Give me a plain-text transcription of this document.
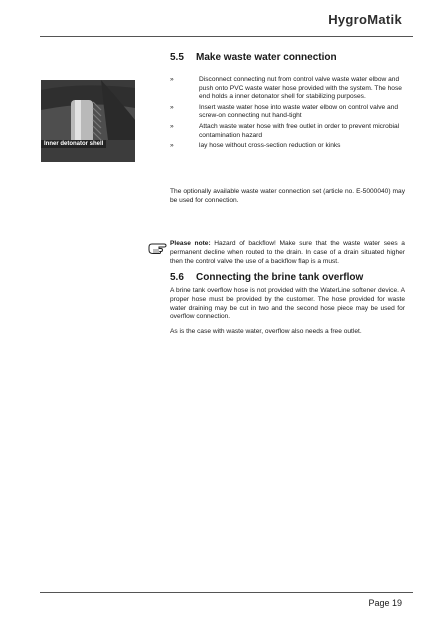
HygroMatik
Inner detonator shell
5.5 Make waste water connection
»	Disconnect connecting nut from control valve waste water elbow and push onto PVC waste water hose provided with the system. The hose end holds a inner detonator shell for stabilizing purposes.
»	Insert waste water hose into waste water elbow on control valve and screw-on connecting nut hand-tight
»	Attach waste water hose with free outlet in order to prevent microbial contamination hazard
»	lay hose without cross-section reduction or kinks

The optionally available waste water connection set (article no. E-5000040) may be used for connection.

Please note: Hazard of backflow! Make sure that the waste water sees a permanent decline when routed to the drain. In case of a drain situated higher then the control valve the use of a backflow flap is a must.

5.6 Connecting the brine tank overflow

A brine tank overflow hose is not provided with the WaterLine softener device. A proper hose must be provided by the customer. The hose provided for waste water draining may be cut in two and the second hose piece may be used for overflow connection.

As is the case with waste water, overflow also needs a free outlet.

Page 19
